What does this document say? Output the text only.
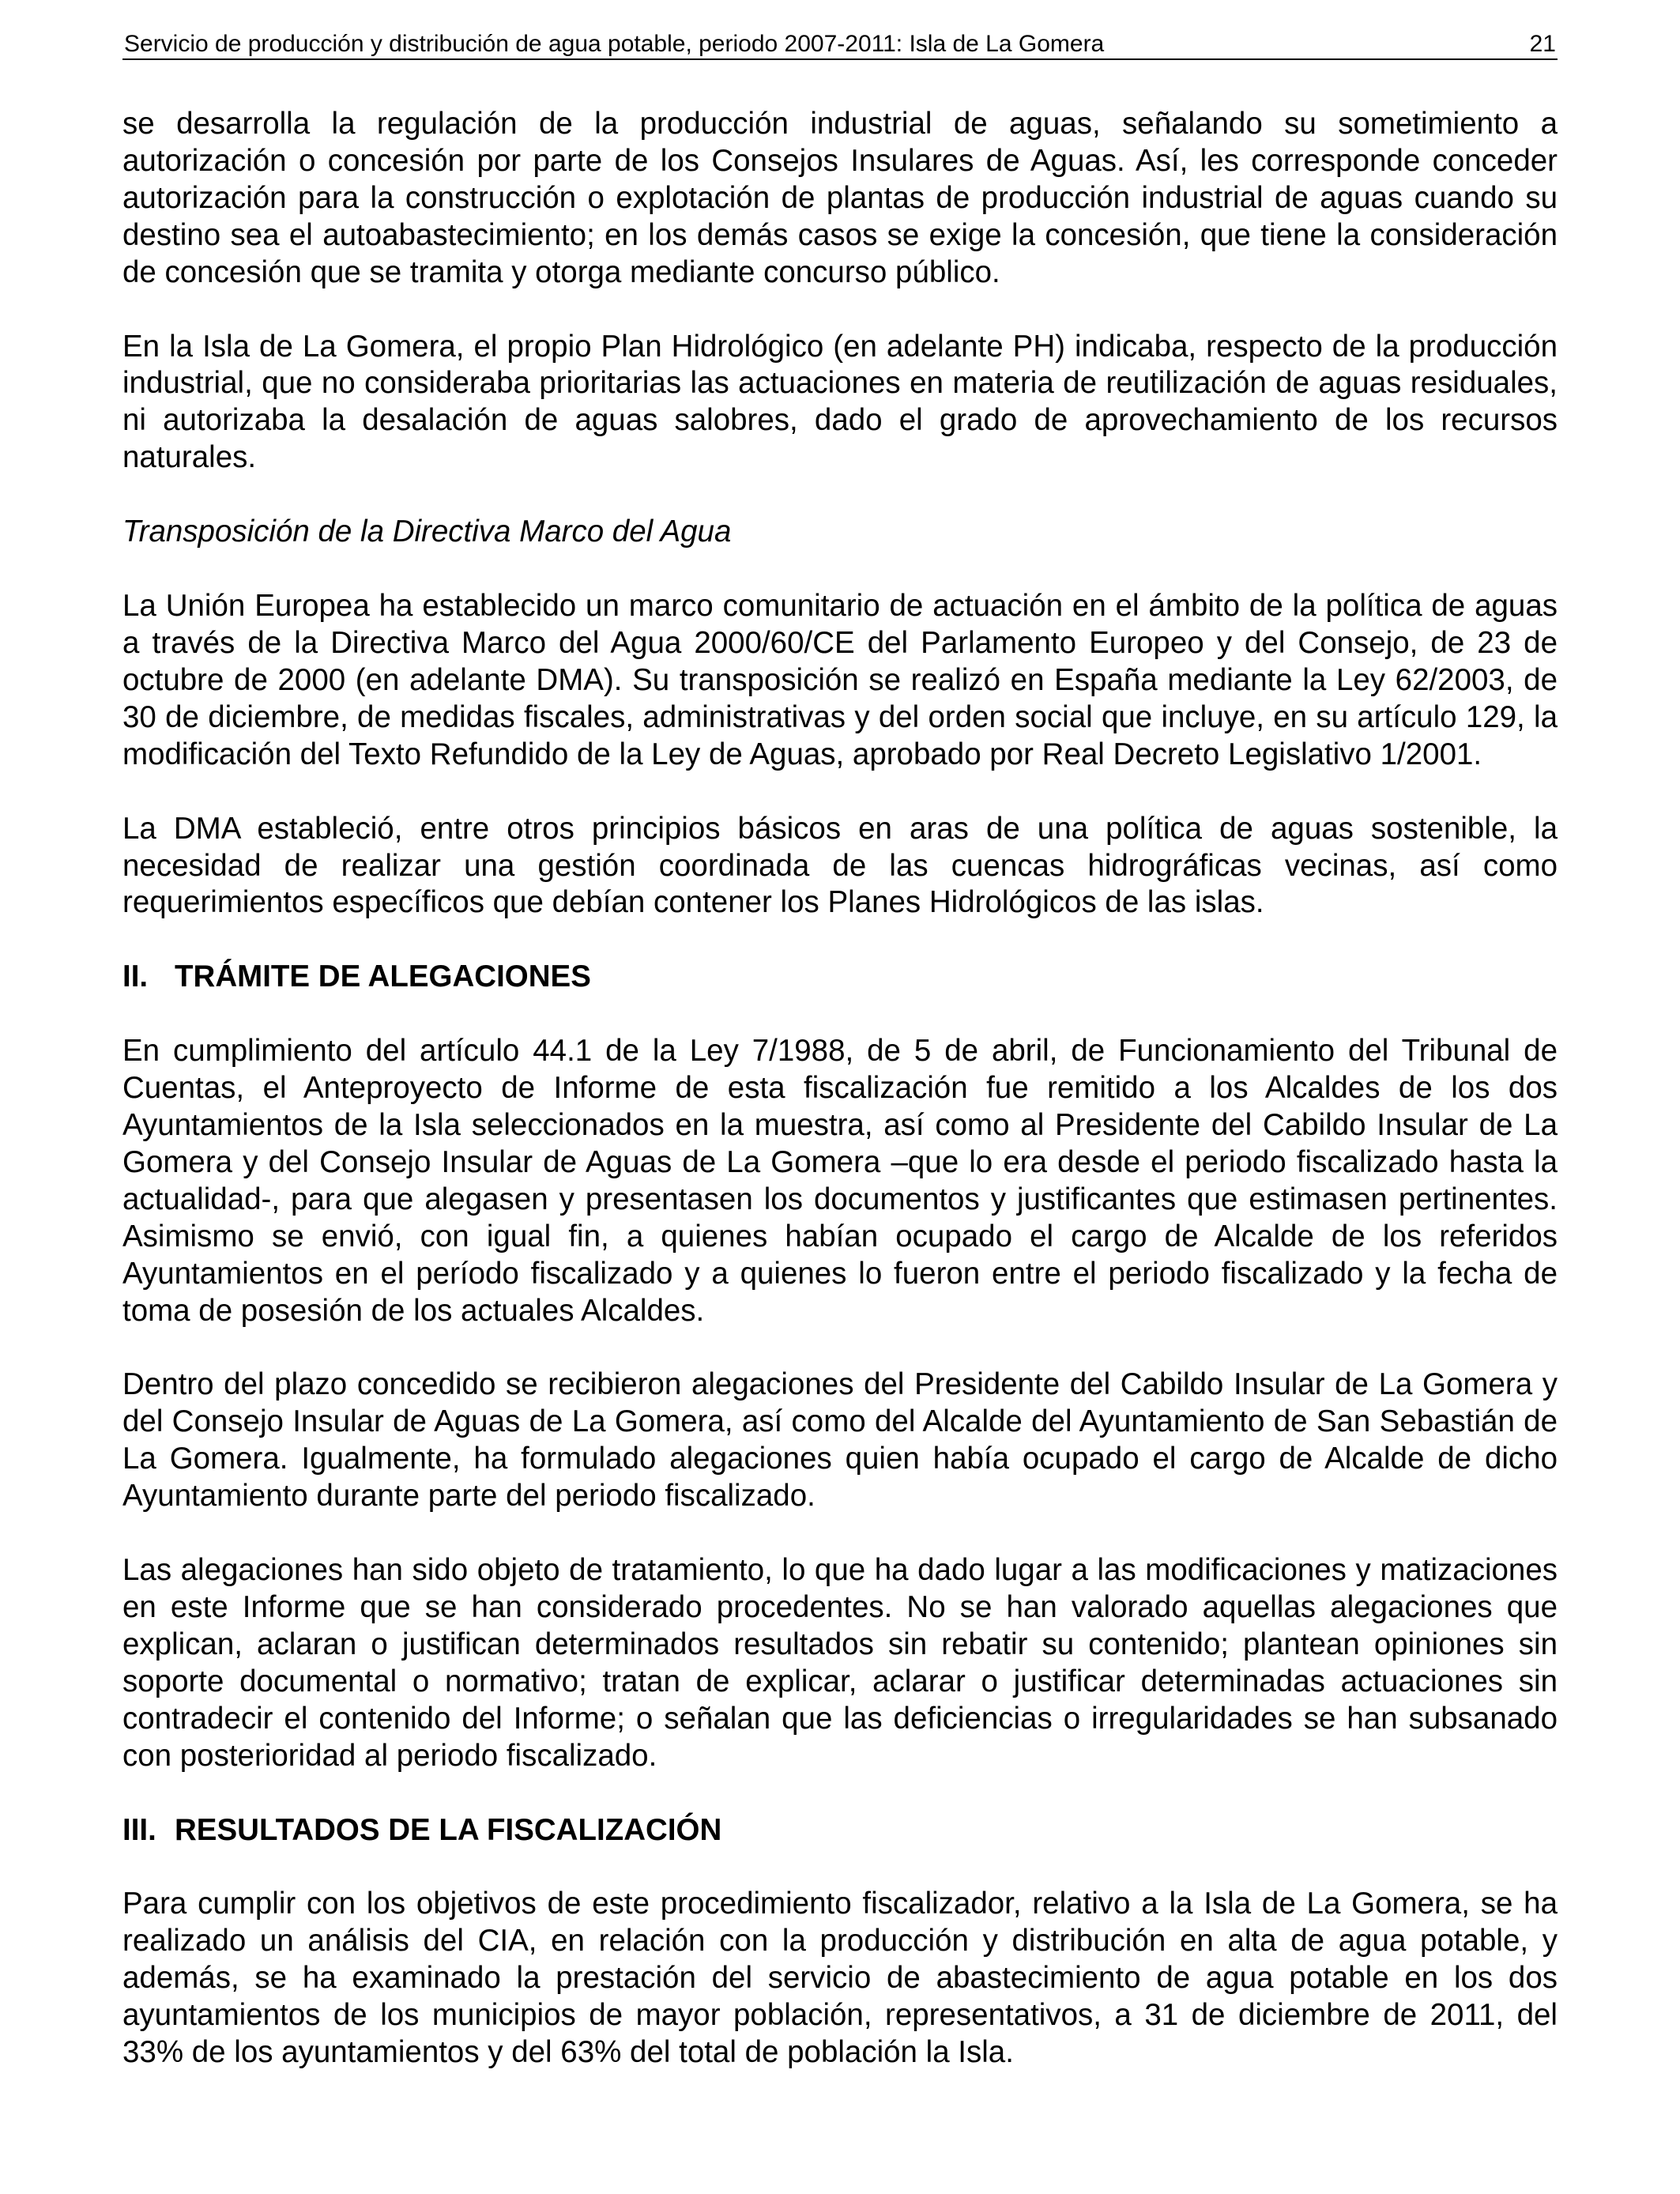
Servicio de producción y distribución de agua potable, periodo 2007-2011: Isla de La Gomera	21

se desarrolla la regulación de la producción industrial de aguas, señalando su sometimiento a autorización o concesión por parte de los Consejos Insulares de Aguas. Así, les corresponde conceder autorización para la construcción o explotación de plantas de producción industrial de aguas cuando su destino sea el autoabastecimiento; en los demás casos se exige la concesión, que tiene la consideración de concesión que se tramita y otorga mediante concurso público.

En la Isla de La Gomera, el propio Plan Hidrológico (en adelante PH) indicaba, respecto de la producción industrial, que no consideraba prioritarias las actuaciones en materia de reutilización de aguas residuales, ni autorizaba la desalación de aguas salobres, dado el grado de aprovechamiento de los recursos naturales.

Transposición de la Directiva Marco del Agua

La Unión Europea ha establecido un marco comunitario de actuación en el ámbito de la política de aguas a través de la Directiva Marco del Agua 2000/60/CE del Parlamento Europeo y del Consejo, de 23 de octubre de 2000 (en adelante DMA). Su transposición se realizó en España mediante la Ley 62/2003, de 30 de diciembre, de medidas fiscales, administrativas y del orden social que incluye, en su artículo 129, la modificación del Texto Refundido de la Ley de Aguas, aprobado por Real Decreto Legislativo 1/2001.

La DMA estableció, entre otros principios básicos en aras de una política de aguas sostenible, la necesidad de realizar una gestión coordinada de las cuencas hidrográficas vecinas, así como requerimientos específicos que debían contener los Planes Hidrológicos de las islas.

II. TRÁMITE DE ALEGACIONES

En cumplimiento del artículo 44.1 de la Ley 7/1988, de 5 de abril, de Funcionamiento del Tribunal de Cuentas, el Anteproyecto de Informe de esta fiscalización fue remitido a los Alcaldes de los dos Ayuntamientos de la Isla seleccionados en la muestra, así como al Presidente del Cabildo Insular de La Gomera y del Consejo Insular de Aguas de La Gomera –que lo era desde el periodo fiscalizado hasta la actualidad-, para que alegasen y presentasen los documentos y justificantes que estimasen pertinentes. Asimismo se envió, con igual fin, a quienes habían ocupado el cargo de Alcalde de los referidos Ayuntamientos en el período fiscalizado y a quienes lo fueron entre el periodo fiscalizado y la fecha de toma de posesión de los actuales Alcaldes.

Dentro del plazo concedido se recibieron alegaciones del Presidente del Cabildo Insular de La Gomera y del Consejo Insular de Aguas de La Gomera, así como del Alcalde del Ayuntamiento de San Sebastián de La Gomera. Igualmente, ha formulado alegaciones quien había ocupado el cargo de Alcalde de dicho Ayuntamiento durante parte del periodo fiscalizado.

Las alegaciones han sido objeto de tratamiento, lo que ha dado lugar a las modificaciones y matizaciones en este Informe que se han considerado procedentes. No se han valorado aquellas alegaciones que explican, aclaran o justifican determinados resultados sin rebatir su contenido; plantean opiniones sin soporte documental o normativo; tratan de explicar, aclarar o justificar determinadas actuaciones sin contradecir el contenido del Informe; o señalan que las deficiencias o irregularidades se han subsanado con posterioridad al periodo fiscalizado.

III. RESULTADOS DE LA FISCALIZACIÓN

Para cumplir con los objetivos de este procedimiento fiscalizador, relativo a la Isla de La Gomera, se ha realizado un análisis del CIA, en relación con la producción y distribución en alta de agua potable, y además, se ha examinado la prestación del servicio de abastecimiento de agua potable en los dos ayuntamientos de los municipios de mayor población, representativos, a 31 de diciembre de 2011, del 33% de los ayuntamientos y del 63% del total de población la Isla.
